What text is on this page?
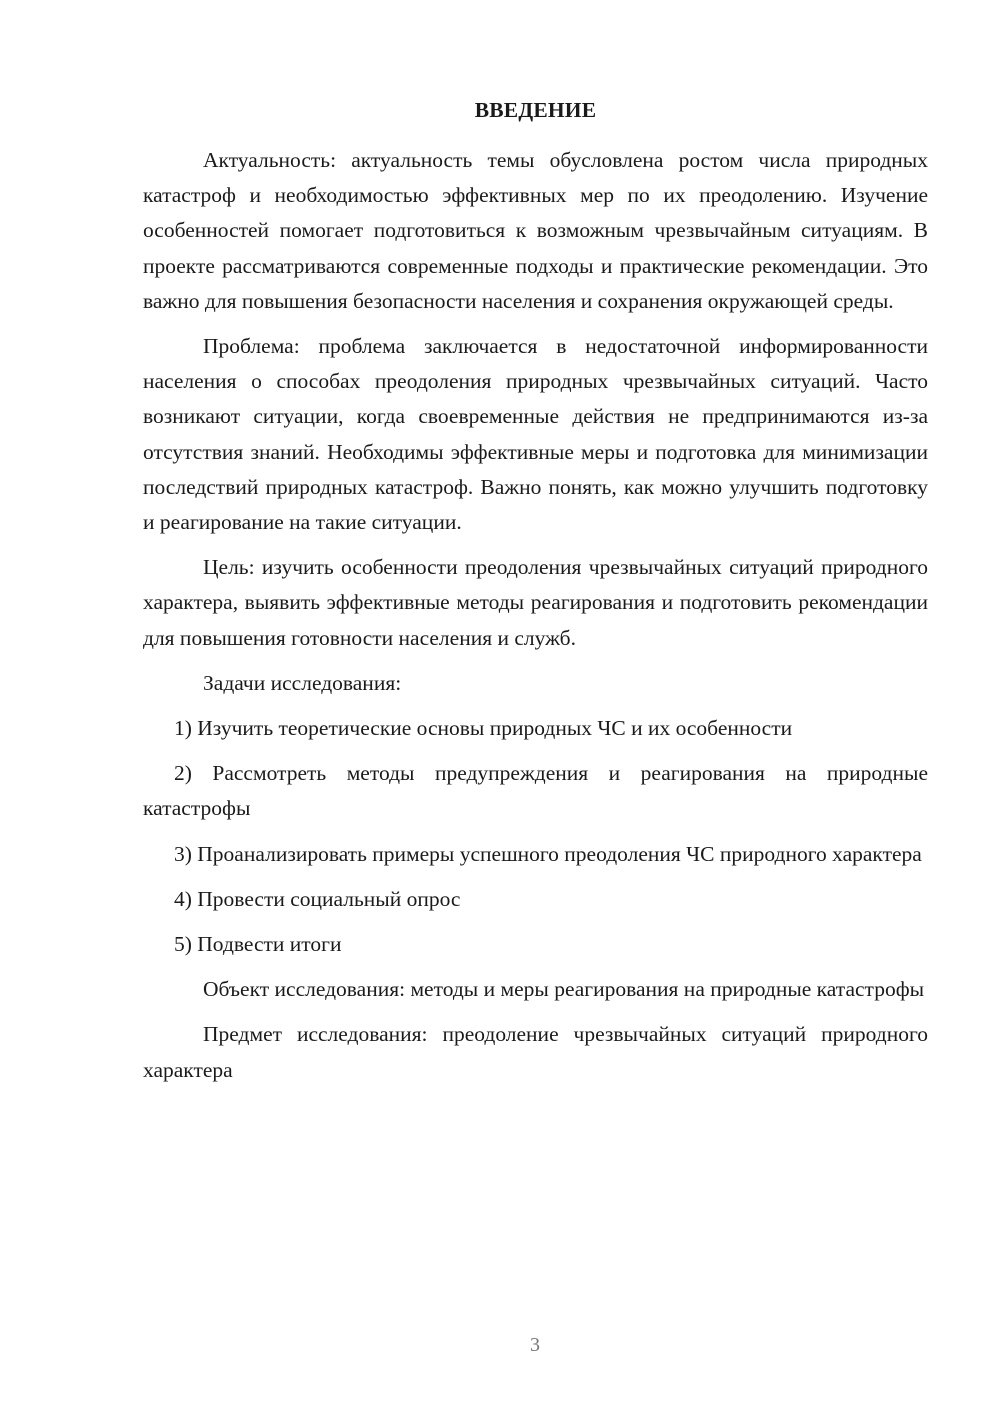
ВВЕДЕНИЕ

Актуальность: актуальность темы обусловлена ростом числа природных катастроф и необходимостью эффективных мер по их преодолению. Изучение особенностей помогает подготовиться к возможным чрезвычайным ситуациям. В проекте рассматриваются современные подходы и практические рекомендации. Это важно для повышения безопасности населения и сохранения окружающей среды.

Проблема: проблема заключается в недостаточной информированности населения о способах преодоления природных чрезвычайных ситуаций. Часто возникают ситуации, когда своевременные действия не предпринимаются из-за отсутствия знаний. Необходимы эффективные меры и подготовка для минимизации последствий природных катастроф. Важно понять, как можно улучшить подготовку и реагирование на такие ситуации.

Цель: изучить особенности преодоления чрезвычайных ситуаций природного характера, выявить эффективные методы реагирования и подготовить рекомендации для повышения готовности населения и служб.

Задачи исследования:

1) Изучить теоретические основы природных ЧС и их особенности

2) Рассмотреть методы предупреждения и реагирования на природные катастрофы

3) Проанализировать примеры успешного преодоления ЧС природного характера

4) Провести социальный опрос

5) Подвести итоги

Объект исследования: методы и меры реагирования на природные катастрофы

Предмет исследования: преодоление чрезвычайных ситуаций природного характера

3
